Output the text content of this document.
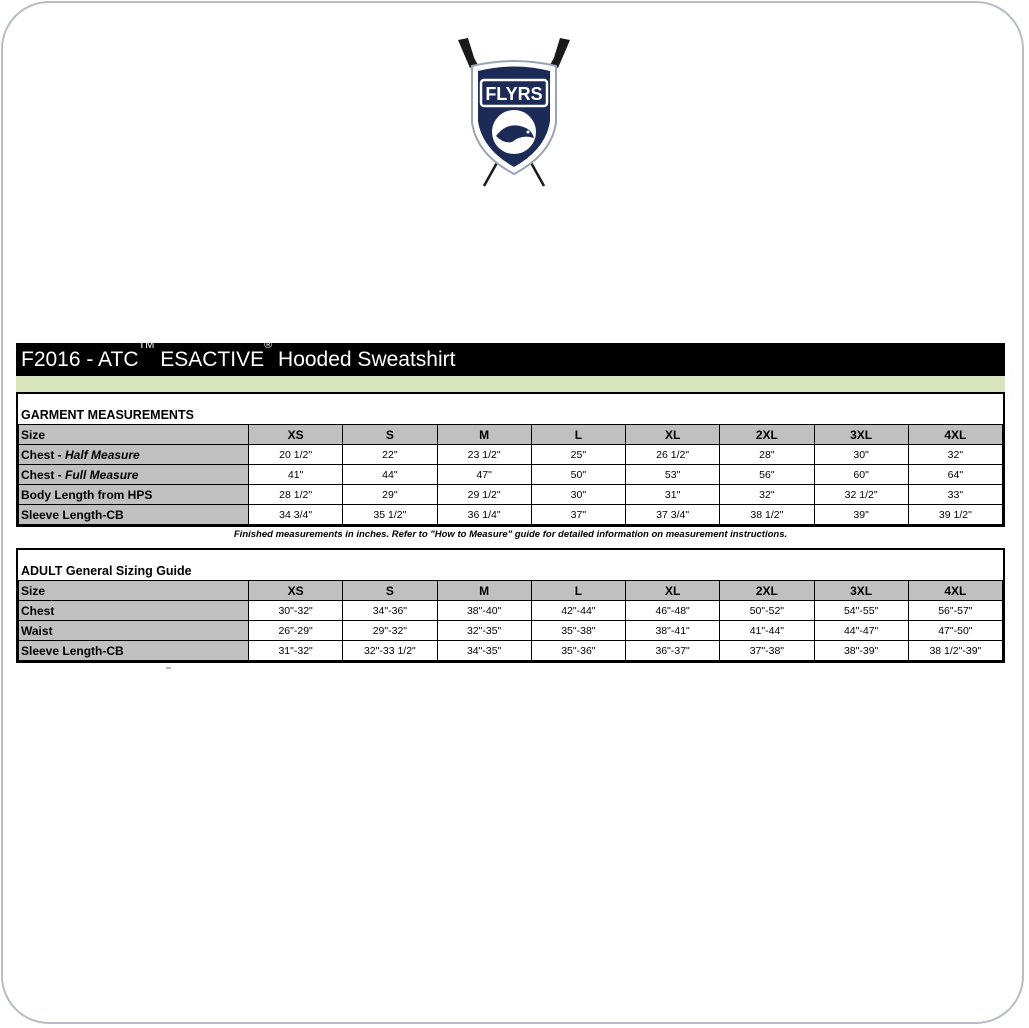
FLYRS
F2016 - ATC™ ESACTIVE® Hooded Sweatshirt
GARMENT MEASUREMENTS
Size	XS	S	M	L	XL	2XL	3XL	4XL
Chest - Half Measure	20 1/2"	22"	23 1/2"	25"	26 1/2"	28"	30"	32"
Chest - Full Measure	41"	44"	47"	50"	53"	56"	60"	64"
Body Length from HPS	28 1/2"	29"	29 1/2"	30"	31"	32"	32 1/2"	33"
Sleeve Length-CB	34 3/4"	35 1/2"	36 1/4"	37"	37 3/4"	38 1/2"	39"	39 1/2"
Finished measurements in inches. Refer to "How to Measure" guide for detailed information on measurement instructions.
ADULT General Sizing Guide
Size	XS	S	M	L	XL	2XL	3XL	4XL
Chest	30"-32"	34"-36"	38"-40"	42"-44"	46"-48"	50"-52"	54"-55"	56"-57"
Waist	26"-29"	29"-32"	32"-35"	35"-38"	38"-41"	41"-44"	44"-47"	47"-50"
Sleeve Length-CB	31"-32"	32"-33 1/2"	34"-35"	35"-36"	36"-37"	37"-38"	38"-39"	38 1/2"-39"
